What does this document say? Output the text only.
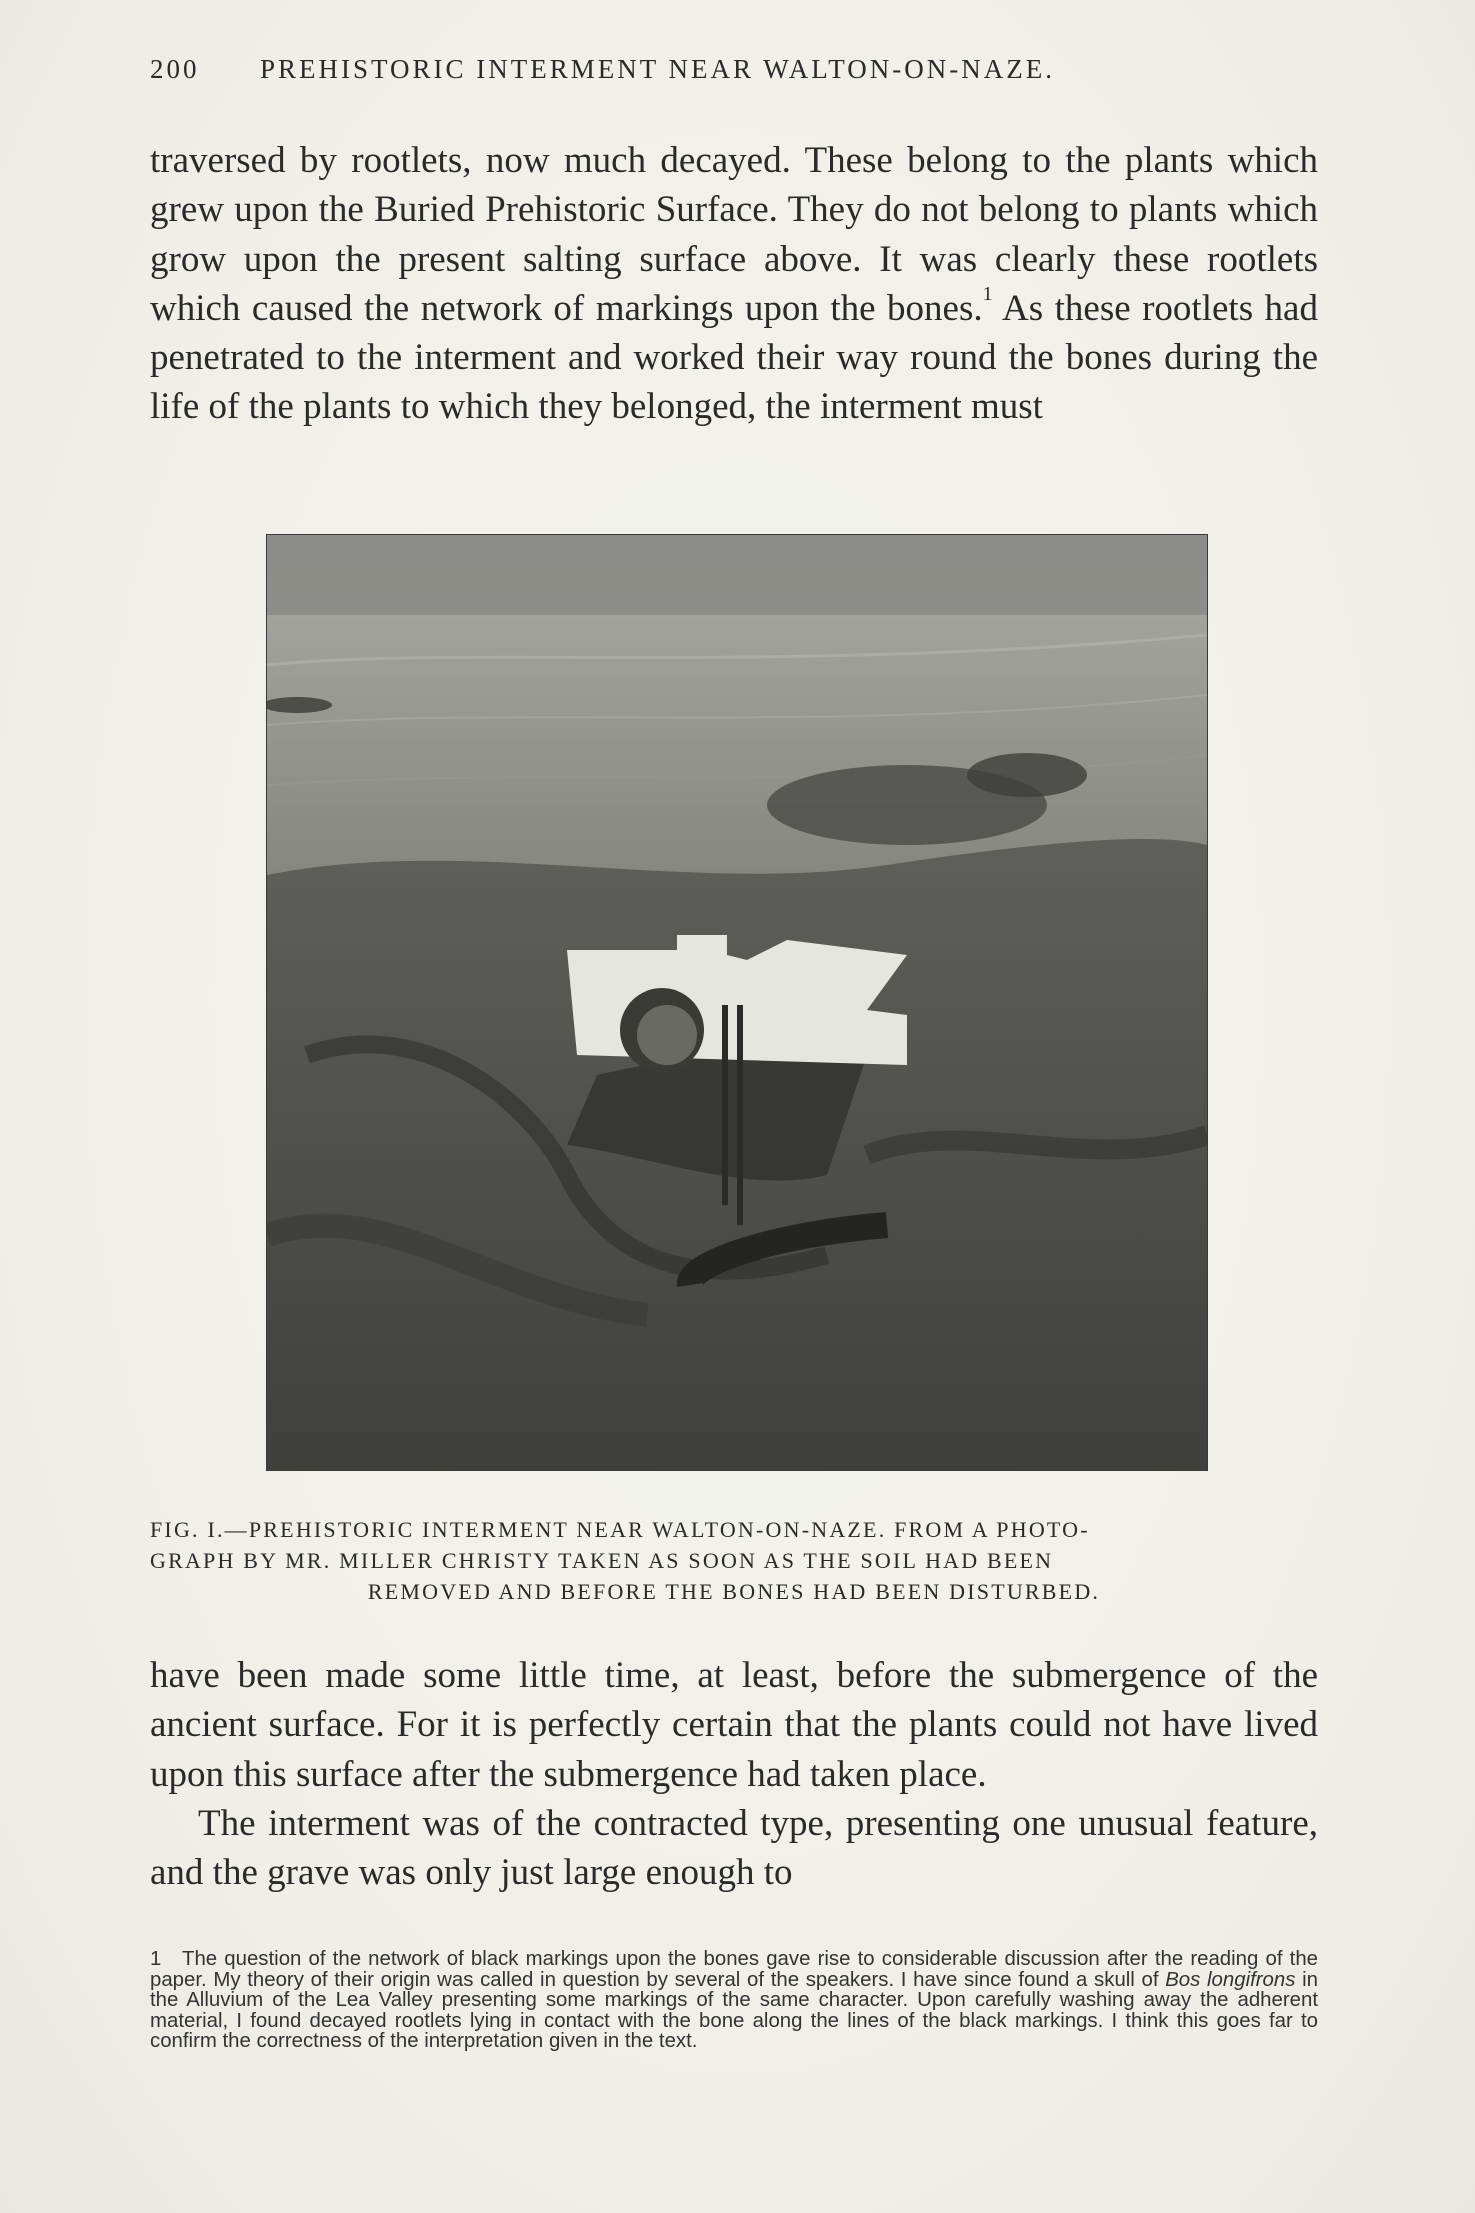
200 PREHISTORIC INTERMENT NEAR WALTON-ON-NAZE.

traversed by rootlets, now much decayed. These belong to the plants which grew upon the Buried Prehistoric Surface. They do not belong to plants which grow upon the present salting surface above. It was clearly these rootlets which caused the network of markings upon the bones.$^1$ As these rootlets had penetrated to the interment and worked their way round the bones during the life of the plants to which they belonged, the interment must

FIG. I.—PREHISTORIC INTERMENT NEAR WALTON-ON-NAZE. FROM A PHOTO-

GRAPH BY MR. MILLER CHRISTY TAKEN AS SOON AS THE SOIL HAD BEEN

REMOVED AND BEFORE THE BONES HAD BEEN DISTURBED.

have been made some little time, at least, before the submergence of the ancient surface. For it is perfectly certain that the plants could not have lived upon this surface after the submergence had taken place.

The interment was of the contracted type, presenting one unusual feature, and the grave was only just large enough to

1 The question of the network of black markings upon the bones gave rise to considerable discussion after the reading of the paper. My theory of their origin was called in question by several of the speakers. I have since found a skull of Bos longifrons in the Alluvium of the Lea Valley presenting some markings of the same character. Upon carefully washing away the adherent material, I found decayed rootlets lying in contact with the bone along the lines of the black markings. I think this goes far to confirm the correctness of the interpretation given in the text.
